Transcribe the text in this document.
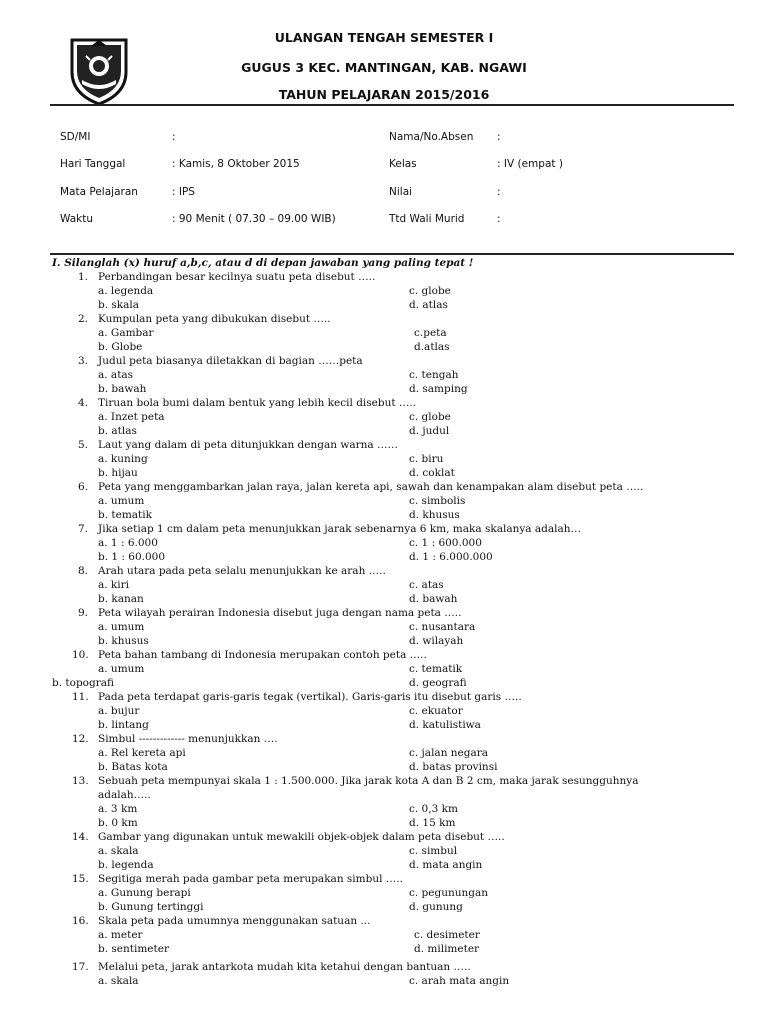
ULANGAN TENGAH SEMESTER I
GUGUS 3 KEC. MANTINGAN, KAB. NGAWI
TAHUN PELAJARAN 2015/2016
SD/MI	:
Hari Tanggal	: Kamis, 8 Oktober 2015
Mata Pelajaran	: IPS
Waktu	: 90 Menit ( 07.30 – 09.00 WIB)
Nama/No.Absen :
Kelas	: IV (empat )
Nilai	:
Ttd Wali Murid	:
I. Silanglah (x) huruf a,b,c, atau d di depan jawaban yang paling tepat !
1. Perbandingan besar kecilnya suatu peta disebut …..
a. legenda	c. globe
b. skala	d. atlas
2. Kumpulan peta yang dibukukan disebut …..
a. Gambar	c.peta
b. Globe	d.atlas
3. Judul peta biasanya diletakkan di bagian ……peta
a. atas	c. tengah
b. bawah	d. samping
4. Tiruan bola bumi dalam bentuk yang lebih kecil disebut …..
a. Inzet peta	c. globe
b. atlas	d. judul
5. Laut yang dalam di peta ditunjukkan dengan warna ……
a. kuning	c. biru
b. hijau	d. coklat
6. Peta yang menggambarkan jalan raya, jalan kereta api, sawah dan kenampakan alam disebut peta …..
a. umum	c. simbolis
b. tematik	d. khusus
7. Jika setiap 1 cm dalam peta menunjukkan jarak sebenarnya 6 km, maka skalanya adalah…
a. 1 : 6.000	c. 1 : 600.000
b. 1 : 60.000	d. 1 : 6.000.000
8. Arah utara pada peta selalu menunjukkan ke arah …..
a. kiri	c. atas
b. kanan	d. bawah
9. Peta wilayah perairan Indonesia disebut juga dengan nama peta …..
a. umum	c. nusantara
b. khusus	d. wilayah
10. Peta bahan tambang di Indonesia merupakan contoh peta …..
a. umum	c. tematik
b. topografi	d. geografi
11. Pada peta terdapat garis-garis tegak (vertikal). Garis-garis itu disebut garis …..
a. bujur	c. ekuator
b. lintang	d. katulistiwa
12. Simbul ------------- menunjukkan ….
a. Rel kereta api	c. jalan negara
b. Batas kota	d. batas provinsi
13. Sebuah peta mempunyai skala 1 : 1.500.000. Jika jarak kota A dan B 2 cm, maka jarak sesungguhnya
adalah…..
a. 3 km	c. 0,3 km
b. 0 km	d. 15 km
14. Gambar yang digunakan untuk mewakili objek-objek dalam peta disebut …..
a. skala	c. simbul
b. legenda	d. mata angin
15. Segitiga merah pada gambar peta merupakan simbul …..
a. Gunung berapi	c. pegunungan
b. Gunung tertinggi	d. gunung
16. Skala peta pada umumnya menggunakan satuan ...
a. meter	c. desimeter
b. sentimeter	d. milimeter
17. Melalui peta, jarak antarkota mudah kita ketahui dengan bantuan …..
a. skala	c. arah mata angin
